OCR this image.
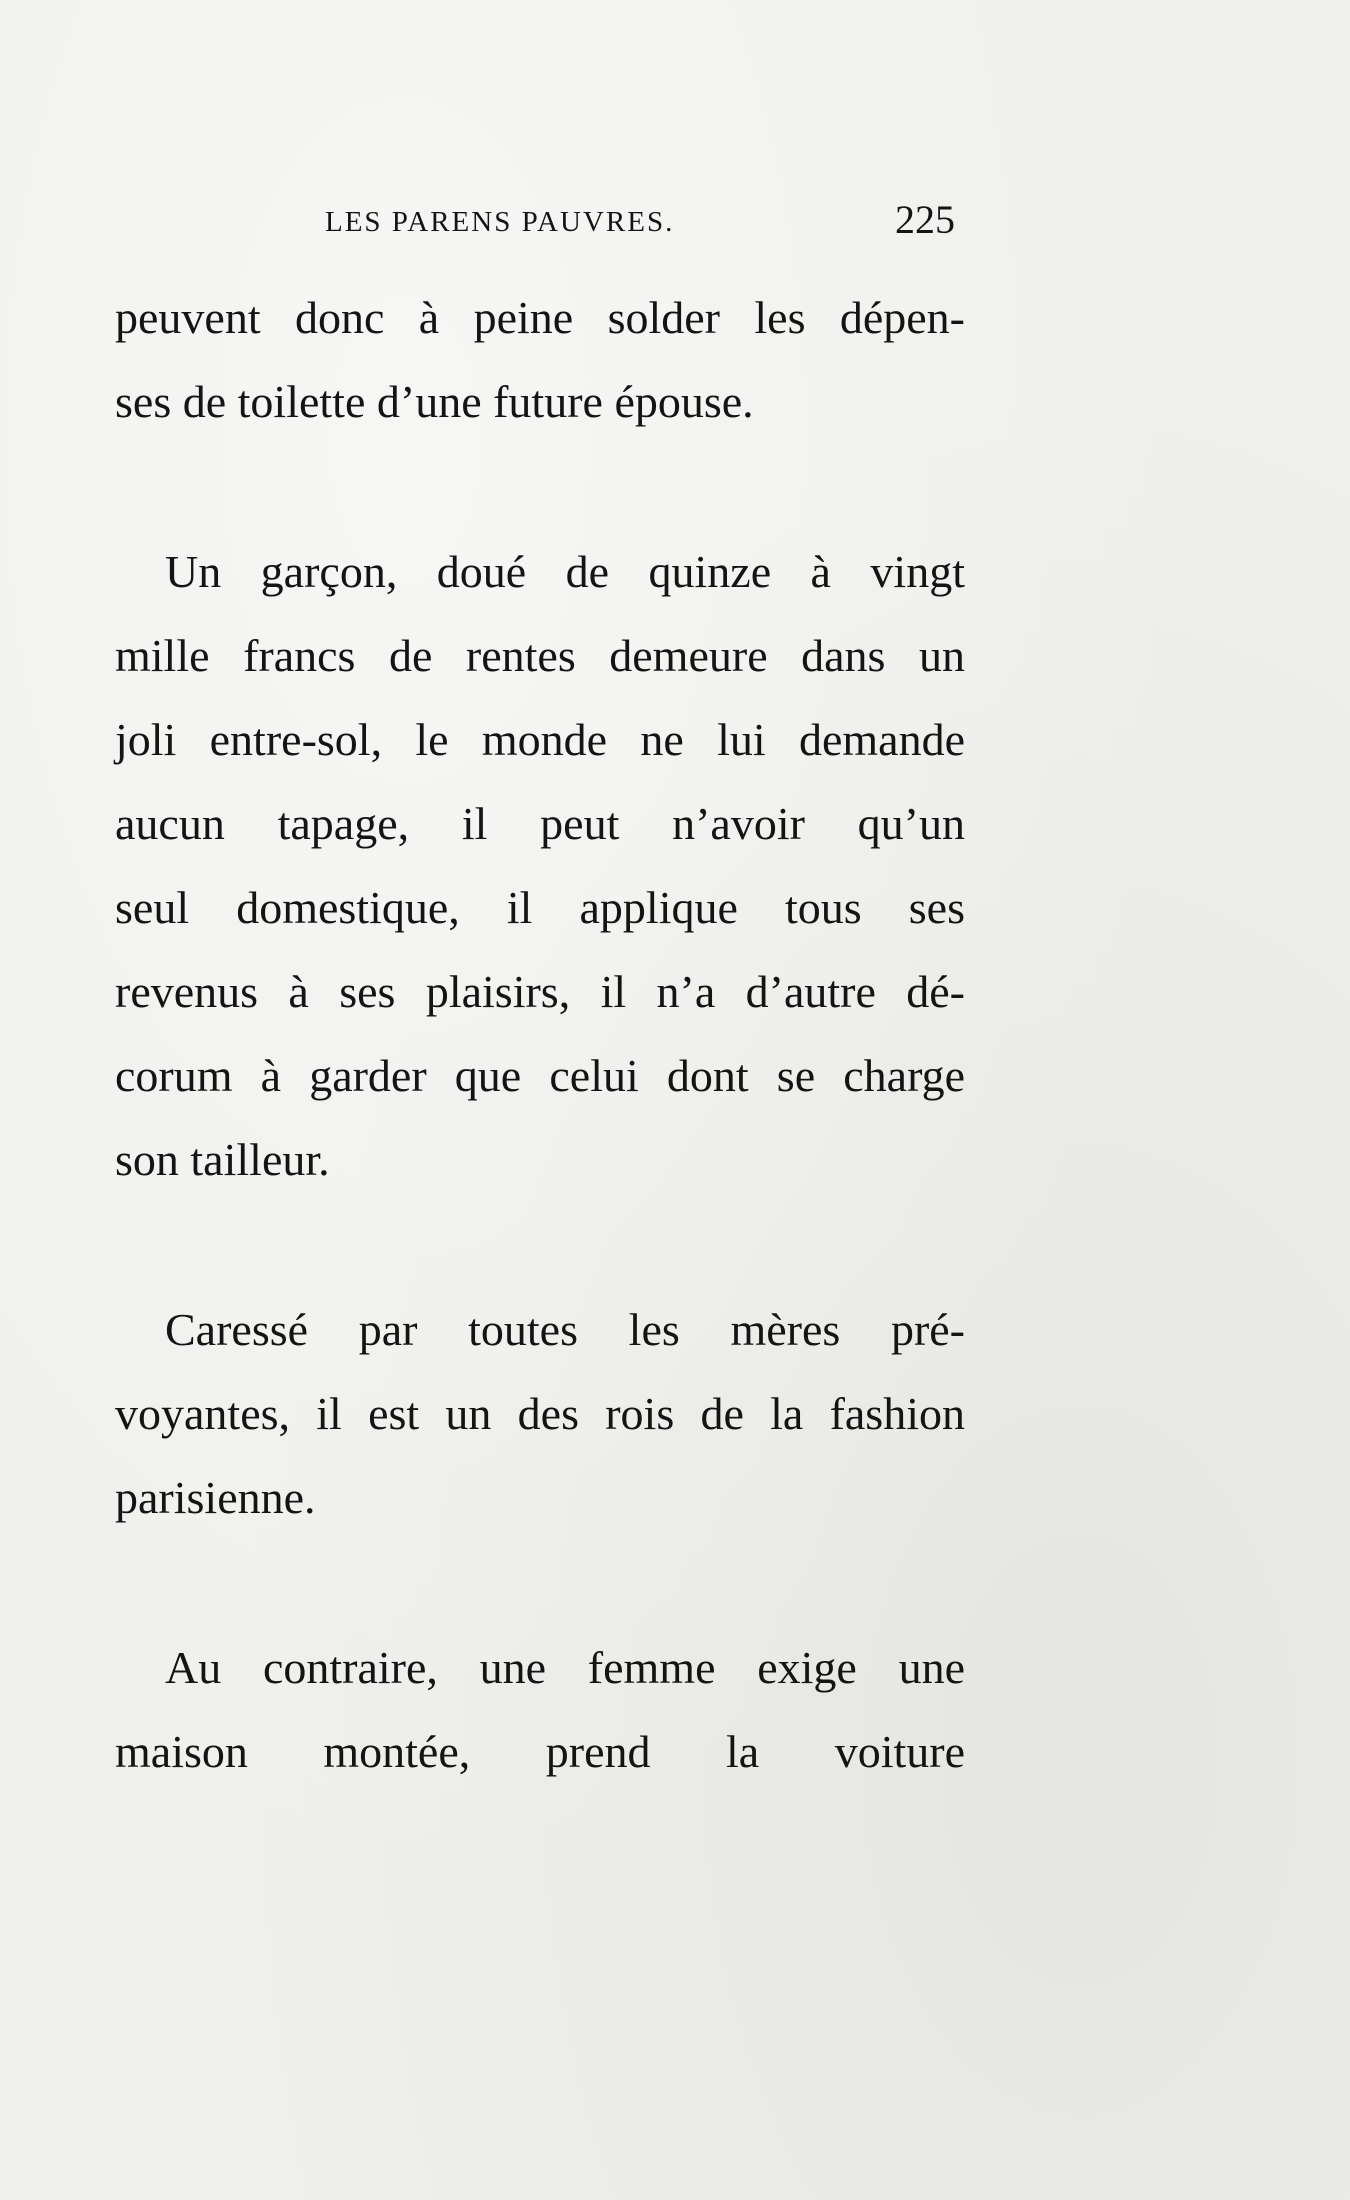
LES PARENS PAUVRES.	225

peuvent donc à peine solder les dépen-
ses de toilette d’une future épouse.

Un garçon, doué de quinze à vingt
mille francs de rentes demeure dans un
joli entre-sol, le monde ne lui demande
aucun tapage, il peut n’avoir qu’un
seul domestique, il applique tous ses
revenus à ses plaisirs, il n’a d’autre dé-
corum à garder que celui dont se charge
son tailleur.

Caressé par toutes les mères pré-
voyantes, il est un des rois de la fashion
parisienne.

Au contraire, une femme exige une
maison montée, prend la voiture
